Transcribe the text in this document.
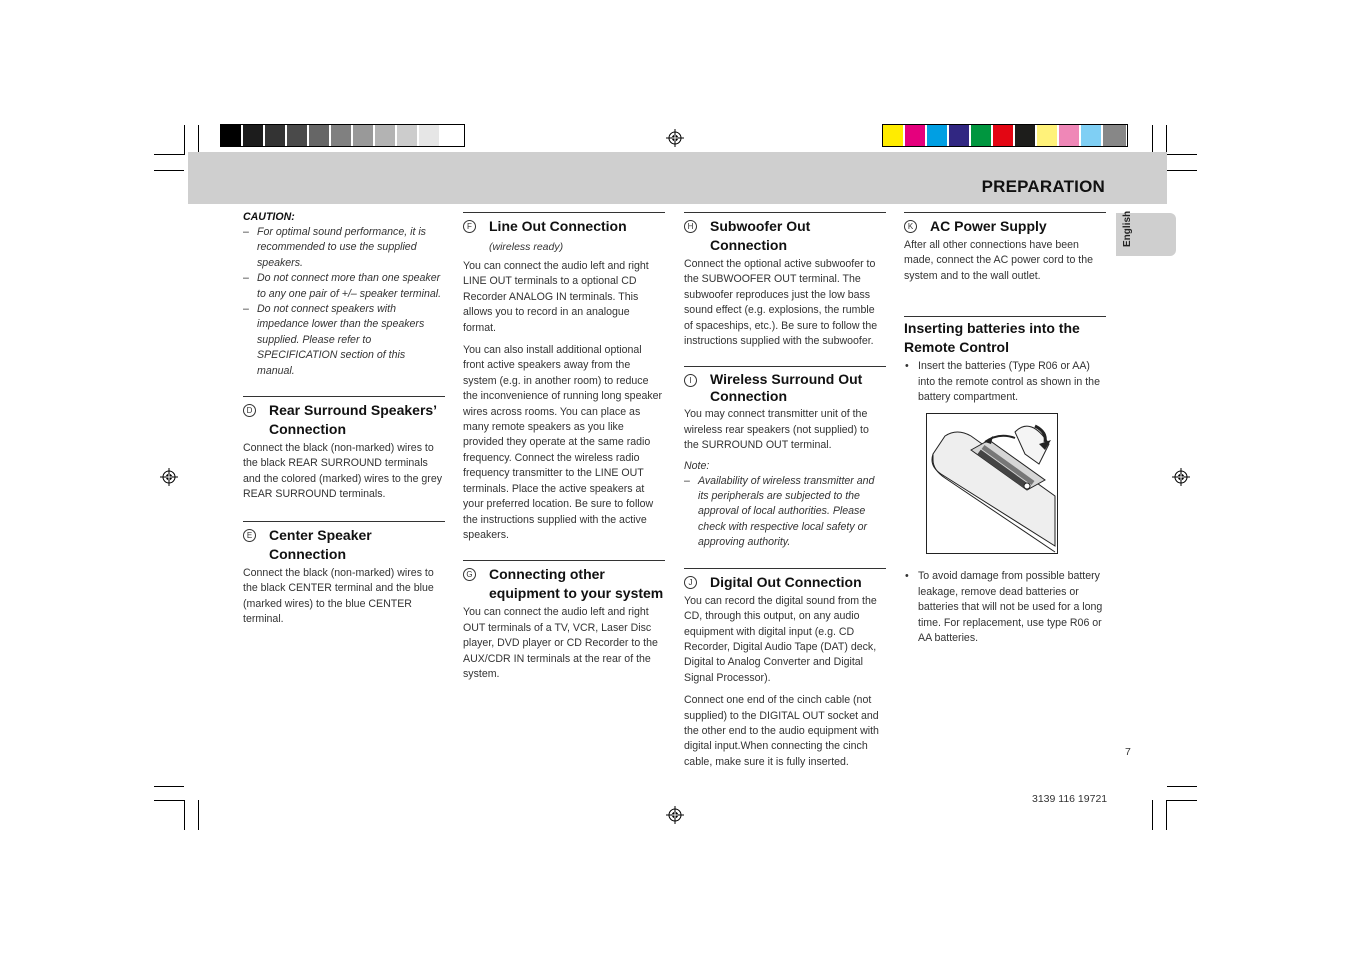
PREPARATION
English
CAUTION:
– For optimal sound performance, it is recommended to use the supplied speakers.
– Do not connect more than one speaker to any one pair of +/– speaker terminal.
– Do not connect speakers with impedance lower than the speakers supplied. Please refer to SPECIFICATION section of this manual.
D Rear Surround Speakers’ Connection

Connect the black (non-marked) wires to the black REAR SURROUND terminals and the colored (marked) wires to the grey REAR SURROUND terminals.

E Center Speaker Connection

Connect the black (non-marked) wires to the black CENTER terminal and the blue (marked wires) to the blue CENTER terminal.

F Line Out Connection (wireless ready)

You can connect the audio left and right LINE OUT terminals to a optional CD Recorder ANALOG IN terminals. This allows you to record in an analogue format.

You can also install additional optional front active speakers away from the system (e.g. in another room) to reduce the inconvenience of running long speaker wires across rooms. You can place as many remote speakers as you like provided they operate at the same radio frequency. Connect the wireless radio frequency transmitter to the LINE OUT terminals. Place the active speakers at your preferred location. Be sure to follow the instructions supplied with the active speakers.

G Connecting other equipment to your system

You can connect the audio left and right OUT terminals of a TV, VCR, Laser Disc player, DVD player or CD Recorder to the AUX/CDR IN terminals at the rear of the system.

H Subwoofer Out Connection

Connect the optional active subwoofer to the SUBWOOFER OUT terminal. The subwoofer reproduces just the low bass sound effect (e.g. explosions, the rumble of spaceships, etc.). Be sure to follow the instructions supplied with the subwoofer.

I	Wireless Surround Out Connection

You may connect transmitter unit of the wireless rear speakers (not supplied) to the SURROUND OUT terminal.

Note:
– Availability of wireless transmitter and its peripherals are subjected to the approval of local authorities. Please check with respective local safety or approving authority.
J	Digital Out Connection

You can record the digital sound from the CD, through this output, on any audio equipment with digital input (e.g. CD Recorder, Digital Audio Tape (DAT) deck, Digital to Analog Converter and Digital Signal Processor).

Connect one end of the cinch cable (not supplied) to the DIGITAL OUT socket and the other end to the audio equipment with digital input.When connecting the cinch cable, make sure it is fully inserted.

K AC Power Supply

After all other connections have been made, connect the AC power cord to the system and to the wall outlet.

Inserting batteries into the Remote Control
• Insert the batteries (Type R06 or AA) into the remote control as shown in the battery compartment.
• To avoid damage from possible battery leakage, remove dead batteries or batteries that will not be used for a long time. For replacement, use type R06 or AA batteries.
7
3139 116 19721
